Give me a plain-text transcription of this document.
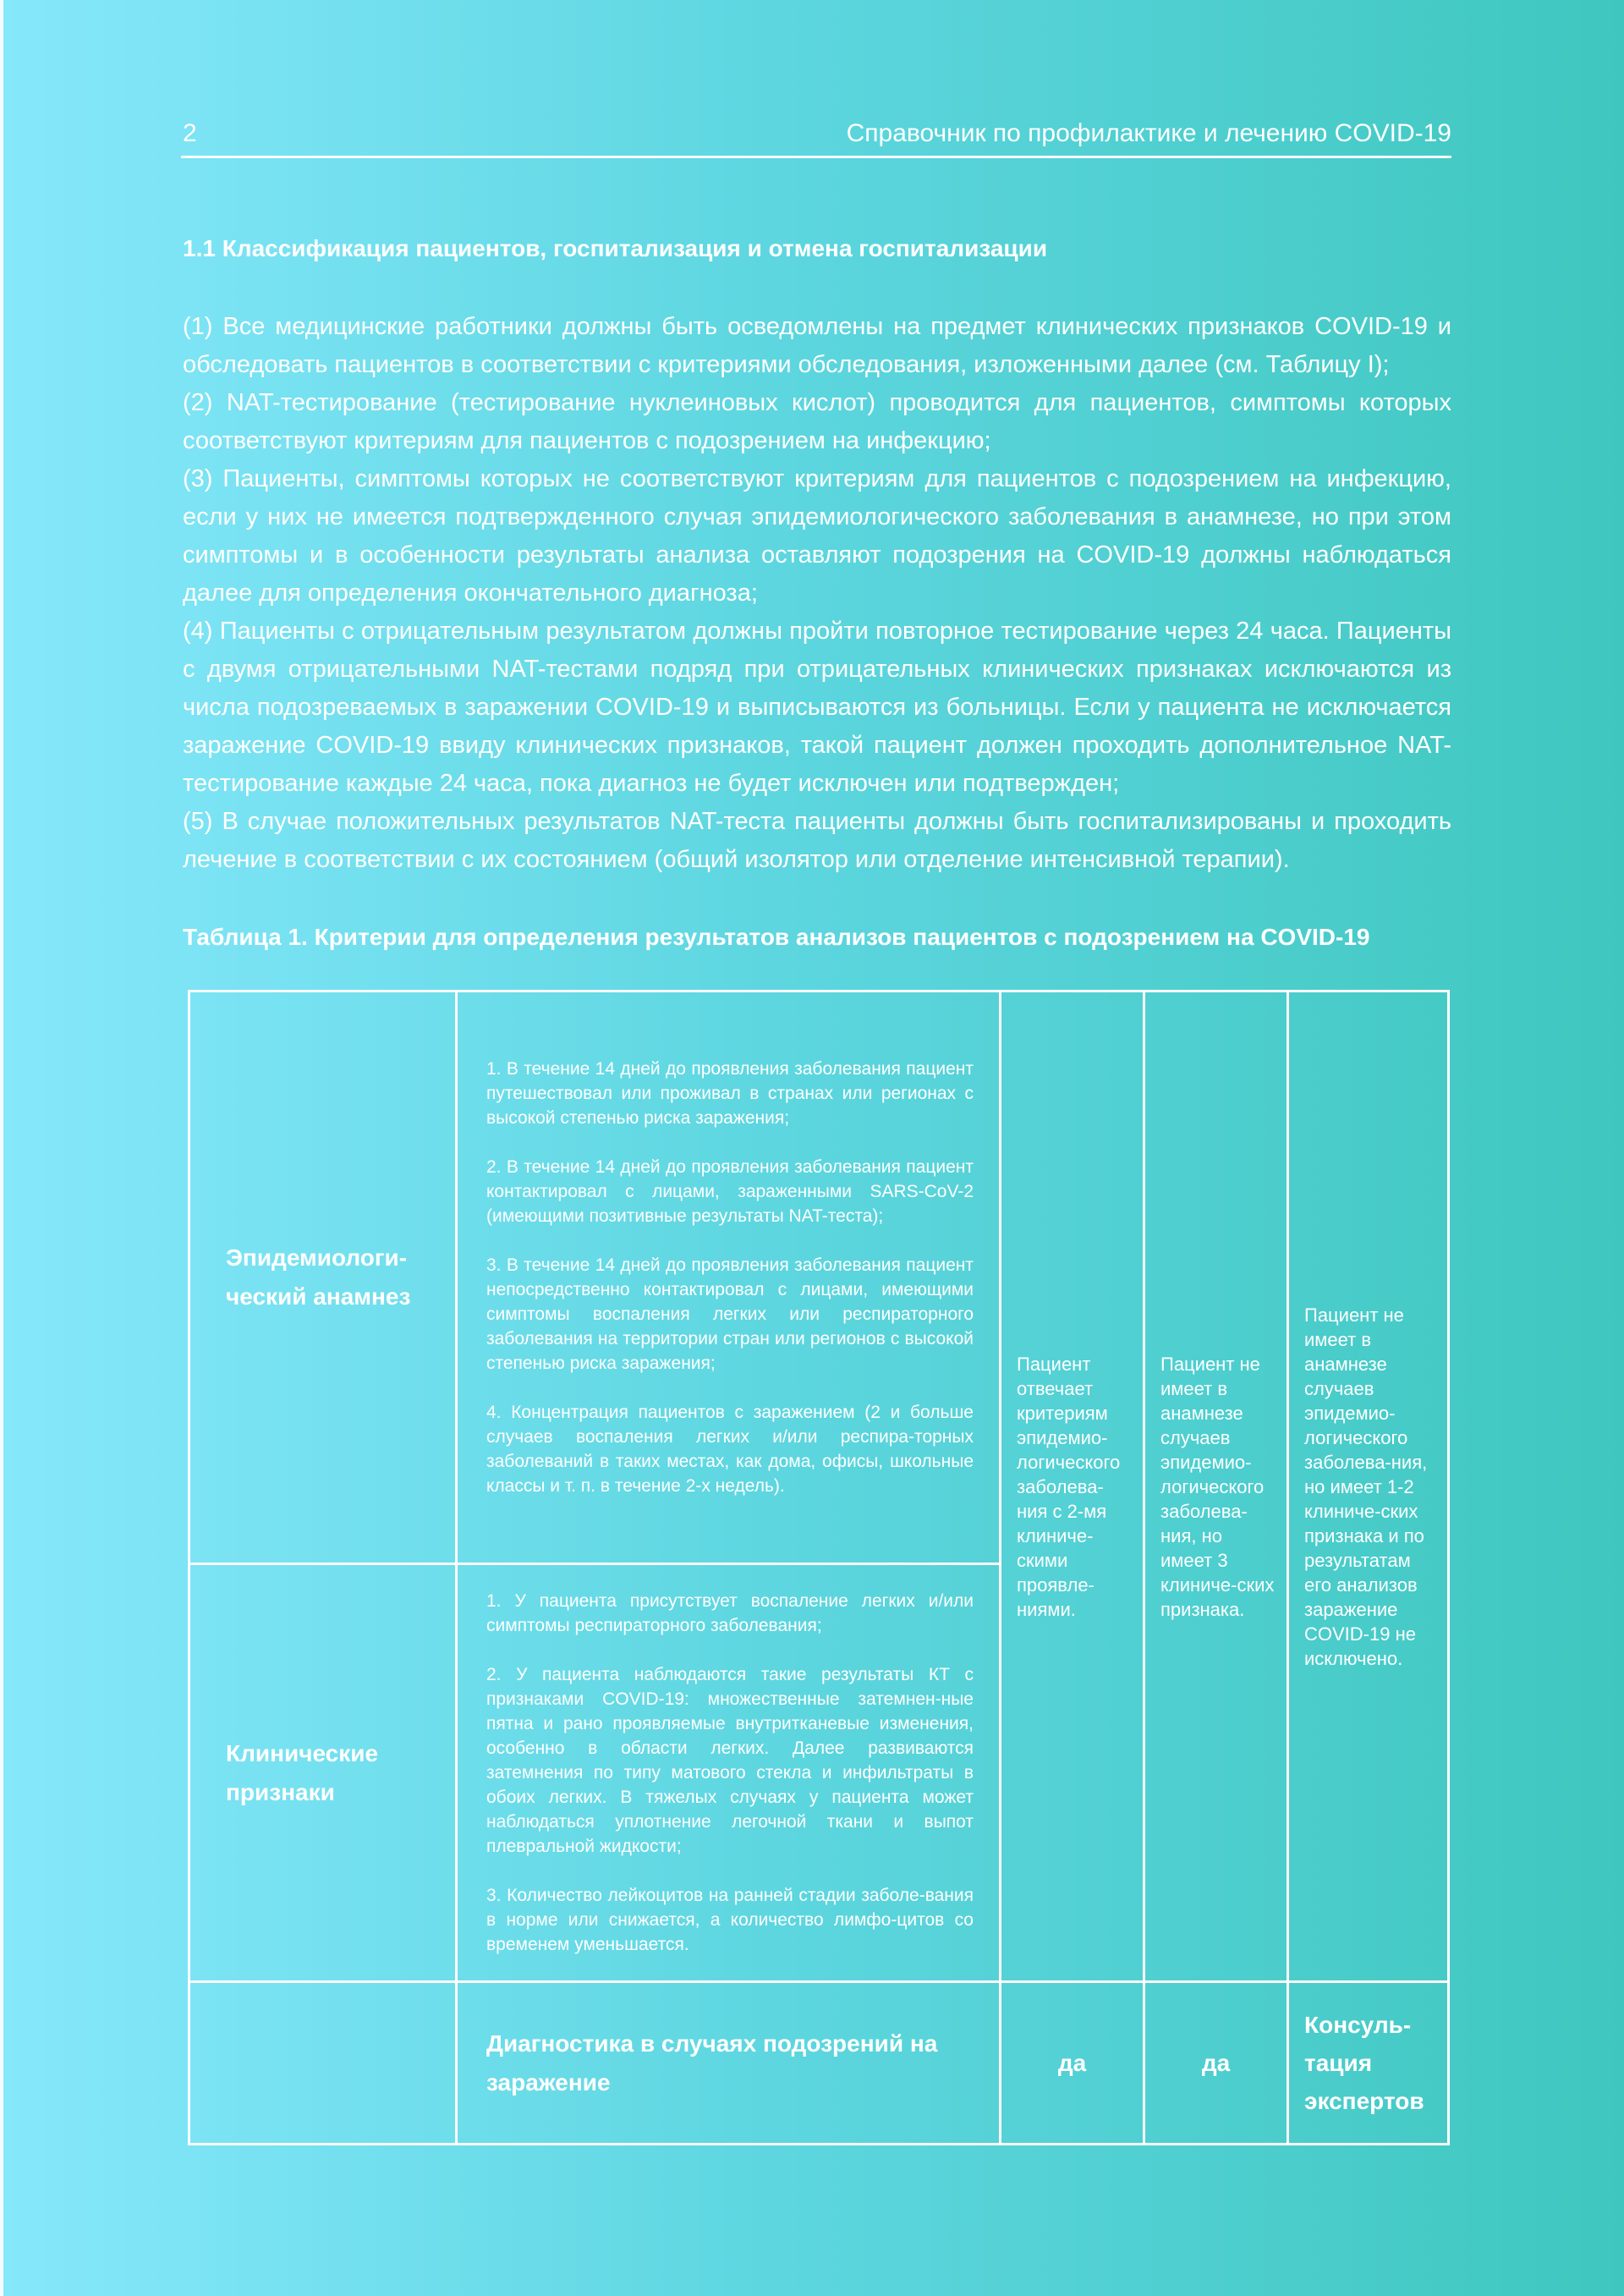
2	Справочник по профилактике и лечению COVID-19
1.1 Классификация пациентов, госпитализация и отмена госпитализации

(1) Все медицинские работники должны быть осведомлены на предмет клинических признаков COVID-19 и обследовать пациентов в соответствии с критериями обследования, изложенными далее (см. Таблицу I);

(2) NAT-тестирование (тестирование нуклеиновых кислот) проводится для пациентов, симптомы которых соответствуют критериям для пациентов с подозрением на инфекцию;

(3) Пациенты, симптомы которых не соответствуют критериям для пациентов с подозрением на инфекцию, если у них не имеется подтвержденного случая эпидемиологического заболевания в анамнезе, но при этом симптомы и в особенности результаты анализа оставляют подозрения на COVID-19 должны наблюдаться далее для определения окончательного диагноза;

(4) Пациенты с отрицательным результатом должны пройти повторное тестирование через 24 часа. Пациенты с двумя отрицательными NAT-тестами подряд при отрицательных клинических признаках исключаются из числа подозреваемых в заражении COVID-19 и выписываются из больницы. Если у пациента не исключается заражение COVID-19 ввиду клинических признаков, такой пациент должен проходить дополнительное NAT-тестирование каждые 24 часа, пока диагноз не будет исключен или подтвержден;

(5) В случае положительных результатов NAT-теста пациенты должны быть госпитализированы и проходить лечение в соответствии с их состоянием (общий изолятор или отделение интенсивной терапии).

Таблица 1. Критерии для определения результатов анализов пациентов с подозрением на COVID-19
Эпидемиологи-ческий анамнез	1. В течение 14 дней до проявления заболевания пациент путешествовал или проживал в странах или регионах с высокой степенью риска заражения;

2. В течение 14 дней до проявления заболевания пациент контактировал с лицами, зараженными SARS-CoV-2 (имеющими позитивные результаты NAT-теста);

3. В течение 14 дней до проявления заболевания пациент непосредственно контактировал с лицами, имеющими симптомы воспаления легких или респираторного заболевания на территории стран или регионов с высокой степенью риска заражения;

4. Концентрация пациентов с заражением (2 и больше случаев воспаления легких и/или респира-торных заболеваний в таких местах, как дома, офисы, школьные классы и т. п. в течение 2-х недель).	Пациент отвечает критериям эпидемио-логического заболева-ния с 2-мя клиниче-скими проявле-ниями.	Пациент не имеет в анамнезе случаев эпидемио-логического заболева-ния, но имеет 3 клиниче-ских признака.	Пациент не имеет в анамнезе случаев эпидемио-логического заболева-ния, но имеет 1-2 клиниче-ских признака и по результатам его анализов заражение COVID-19 не исключено.
Клинические признаки	1. У пациента присутствует воспаление легких и/или симптомы респираторного заболевания;

2. У пациента наблюдаются такие результаты КТ с признаками COVID-19: множественные затемнен-ные пятна и рано проявляемые внутритканевые изменения, особенно в области легких. Далее развиваются затемнения по типу матового стекла и инфильтраты в обоих легких. В тяжелых случаях у пациента может наблюдаться уплотнение легочной ткани и выпот плевральной жидкости;

3. Количество лейкоцитов на ранней стадии заболе-вания в норме или снижается, а количество лимфо-цитов со временем уменьшается.			

	Диагностика в случаях подозрений на заражение	да	да	Консуль-тация экспертов
